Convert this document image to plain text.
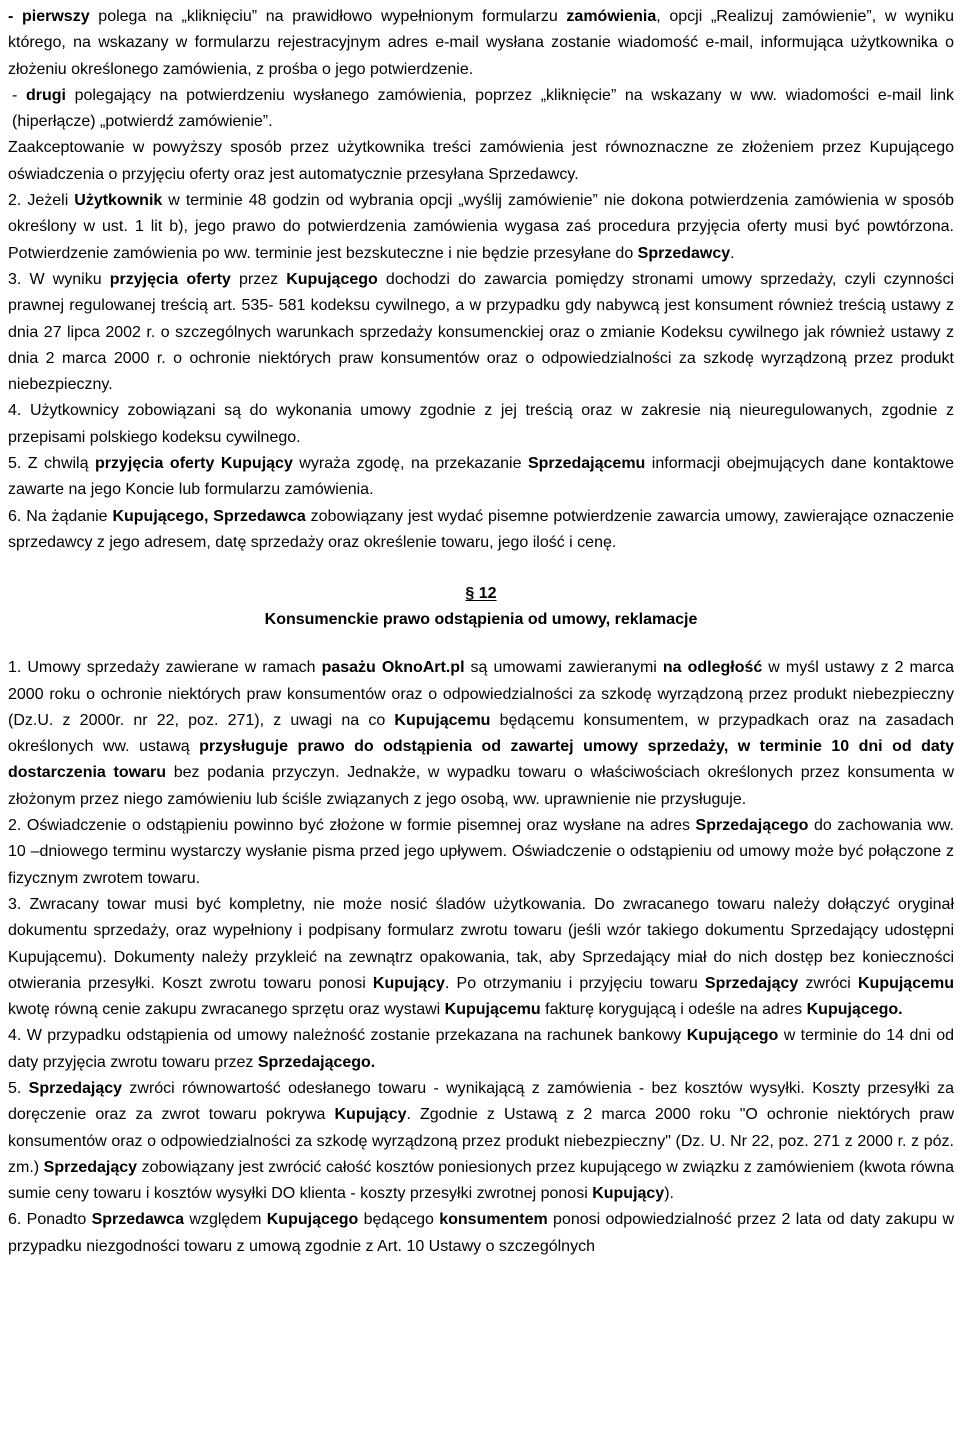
- pierwszy polega na „kliknięciu” na prawidłowo wypełnionym formularzu zamówienia, opcji „Realizuj zamówienie”, w wyniku którego, na wskazany w formularzu rejestracyjnym adres e-mail wysłana zostanie wiadomość e-mail, informująca użytkownika o złożeniu określonego zamówienia, z prośba o jego potwierdzenie.

- drugi polegający na potwierdzeniu wysłanego zamówienia, poprzez „kliknięcie” na wskazany w ww. wiadomości e-mail link (hiperłącze) „potwierdź zamówienie”.

Zaakceptowanie w powyższy sposób przez użytkownika treści zamówienia jest równoznaczne ze złożeniem przez Kupującego oświadczenia o przyjęciu oferty oraz jest automatycznie przesyłana Sprzedawcy.

2. Jeżeli Użytkownik w terminie 48 godzin od wybrania opcji „wyślij zamówienie” nie dokona potwierdzenia zamówienia w sposób określony w ust. 1 lit b), jego prawo do potwierdzenia zamówienia wygasa zaś procedura przyjęcia oferty musi być powtórzona. Potwierdzenie zamówienia po ww. terminie jest bezskuteczne i nie będzie przesyłane do Sprzedawcy.

3. W wyniku przyjęcia oferty przez Kupującego dochodzi do zawarcia pomiędzy stronami umowy sprzedaży, czyli czynności prawnej regulowanej treścią art. 535- 581 kodeksu cywilnego, a w przypadku gdy nabywcą jest konsument również treścią ustawy z dnia 27 lipca 2002 r. o szczególnych warunkach sprzedaży konsumenckiej oraz o zmianie Kodeksu cywilnego jak również ustawy z dnia 2 marca 2000 r. o ochronie niektórych praw konsumentów oraz o odpowiedzialności za szkodę wyrządzoną przez produkt niebezpieczny.

4. Użytkownicy zobowiązani są do wykonania umowy zgodnie z jej treścią oraz w zakresie nią nieuregulowanych, zgodnie z przepisami polskiego kodeksu cywilnego.

5. Z chwilą przyjęcia oferty Kupujący wyraża zgodę, na przekazanie Sprzedającemu informacji obejmujących dane kontaktowe zawarte na jego Koncie lub formularzu zamówienia.

6. Na żądanie Kupującego, Sprzedawca zobowiązany jest wydać pisemne potwierdzenie zawarcia umowy, zawierające oznaczenie sprzedawcy z jego adresem, datę sprzedaży oraz określenie towaru, jego ilość i cenę.

§ 12

Konsumenckie prawo odstąpienia od umowy, reklamacje

1. Umowy sprzedaży zawierane w ramach pasażu OknoArt.pl są umowami zawieranymi na odległość w myśl ustawy z 2 marca 2000 roku o ochronie niektórych praw konsumentów oraz o odpowiedzialności za szkodę wyrządzoną przez produkt niebezpieczny (Dz.U. z 2000r. nr 22, poz. 271), z uwagi na co Kupującemu będącemu konsumentem, w przypadkach oraz na zasadach określonych ww. ustawą przysługuje prawo do odstąpienia od zawartej umowy sprzedaży, w terminie 10 dni od daty dostarczenia towaru bez podania przyczyn. Jednakże, w wypadku towaru o właściwościach określonych przez konsumenta w złożonym przez niego zamówieniu lub ściśle związanych z jego osobą, ww. uprawnienie nie przysługuje.

2. Oświadczenie o odstąpieniu powinno być złożone w formie pisemnej oraz wysłane na adres Sprzedającego do zachowania ww. 10 –dniowego terminu wystarczy wysłanie pisma przed jego upływem. Oświadczenie o odstąpieniu od umowy może być połączone z fizycznym zwrotem towaru.

3. Zwracany towar musi być kompletny, nie może nosić śladów użytkowania. Do zwracanego towaru należy dołączyć oryginał dokumentu sprzedaży, oraz wypełniony i podpisany formularz zwrotu towaru (jeśli wzór takiego dokumentu Sprzedający udostępni Kupującemu). Dokumenty należy przykleić na zewnątrz opakowania, tak, aby Sprzedający miał do nich dostęp bez konieczności otwierania przesyłki. Koszt zwrotu towaru ponosi Kupujący. Po otrzymaniu i przyjęciu towaru Sprzedający zwróci Kupującemu kwotę równą cenie zakupu zwracanego sprzętu oraz wystawi Kupującemu fakturę korygującą i odeśle na adres Kupującego.

4. W przypadku odstąpienia od umowy należność zostanie przekazana na rachunek bankowy Kupującego w terminie do 14 dni od daty przyjęcia zwrotu towaru przez Sprzedającego.

5. Sprzedający zwróci równowartość odesłanego towaru - wynikającą z zamówienia - bez kosztów wysyłki. Koszty przesyłki za doręczenie oraz za zwrot towaru pokrywa Kupujący. Zgodnie z Ustawą z 2 marca 2000 roku "O ochronie niektórych praw konsumentów oraz o odpowiedzialności za szkodę wyrządzoną przez produkt niebezpieczny" (Dz. U. Nr 22, poz. 271 z 2000 r. z póz. zm.) Sprzedający zobowiązany jest zwrócić całość kosztów poniesionych przez kupującego w związku z zamówieniem (kwota równa sumie ceny towaru i kosztów wysyłki DO klienta - koszty przesyłki zwrotnej ponosi Kupujący).

6. Ponadto Sprzedawca względem Kupującego będącego konsumentem ponosi odpowiedzialność przez 2 lata od daty zakupu w przypadku niezgodności towaru z umową zgodnie z Art. 10 Ustawy o szczególnych
